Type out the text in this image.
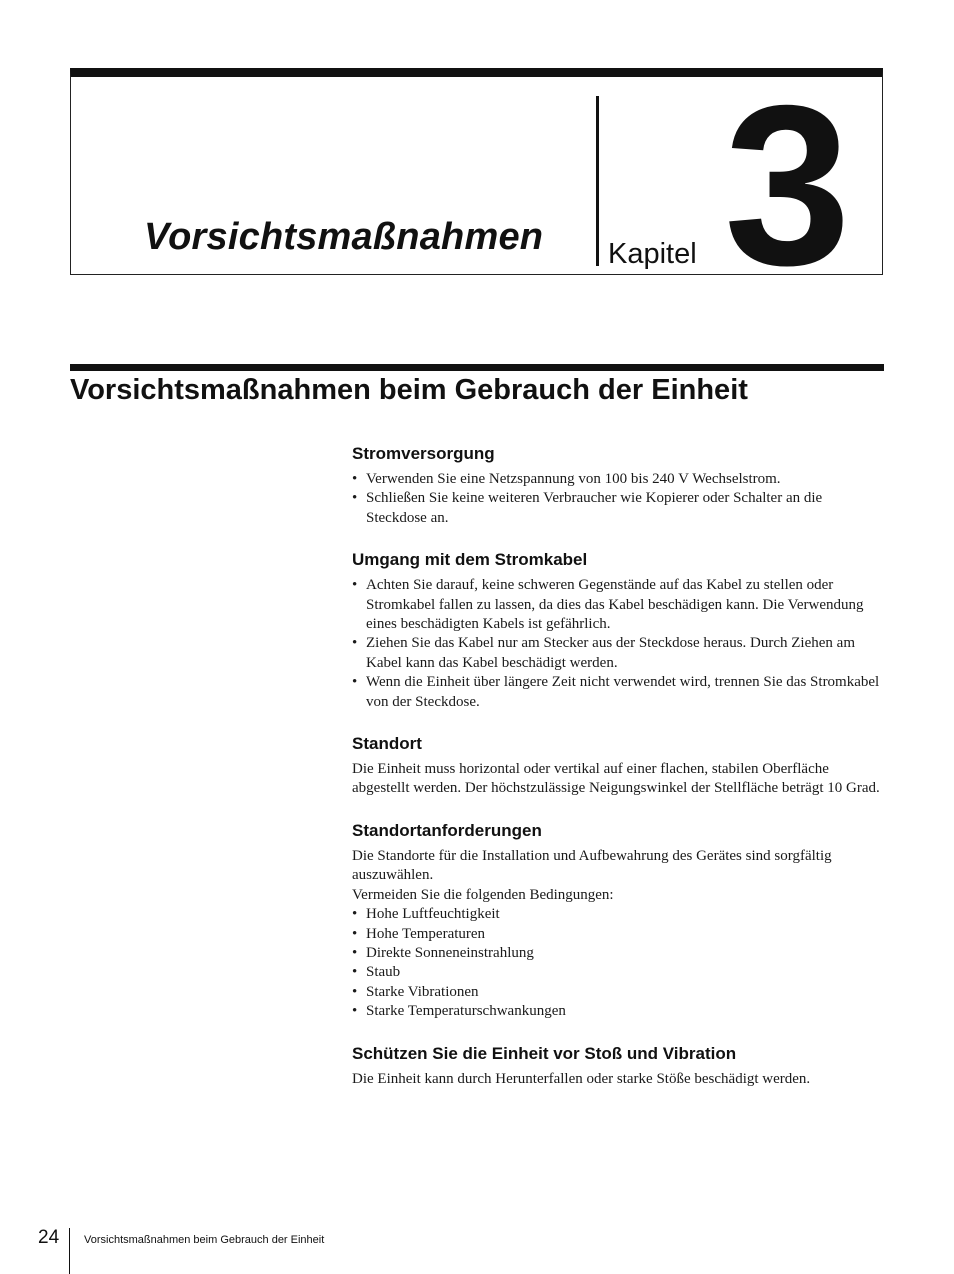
Vorsichtsmaßnahmen Kapitel 3
Vorsichtsmaßnahmen beim Gebrauch der Einheit
Stromversorgung
• Verwenden Sie eine Netzspannung von 100 bis 240 V Wechselstrom.
• Schließen Sie keine weiteren Verbraucher wie Kopierer oder Schalter an die Steckdose an.
Umgang mit dem Stromkabel
• Achten Sie darauf, keine schweren Gegenstände auf das Kabel zu stellen oder Stromkabel fallen zu lassen, da dies das Kabel beschädigen kann. Die Verwendung eines beschädigten Kabels ist gefährlich.
• Ziehen Sie das Kabel nur am Stecker aus der Steckdose heraus. Durch Ziehen am Kabel kann das Kabel beschädigt werden.
• Wenn die Einheit über längere Zeit nicht verwendet wird, trennen Sie das Stromkabel von der Steckdose.
Standort

Die Einheit muss horizontal oder vertikal auf einer flachen, stabilen Oberfläche abgestellt werden. Der höchstzulässige Neigungswinkel der Stellfläche beträgt 10 Grad.

Standortanforderungen

Die Standorte für die Installation und Aufbewahrung des Gerätes sind sorgfältig auszuwählen.

Vermeiden Sie die folgenden Bedingungen:

• Hohe Luftfeuchtigkeit
• Hohe Temperaturen
• Direkte Sonneneinstrahlung
• Staub
• Starke Vibrationen
• Starke Temperaturschwankungen
Schützen Sie die Einheit vor Stoß und Vibration

Die Einheit kann durch Herunterfallen oder starke Stöße beschädigt werden.

24 Vorsichtsmaßnahmen beim Gebrauch der Einheit
